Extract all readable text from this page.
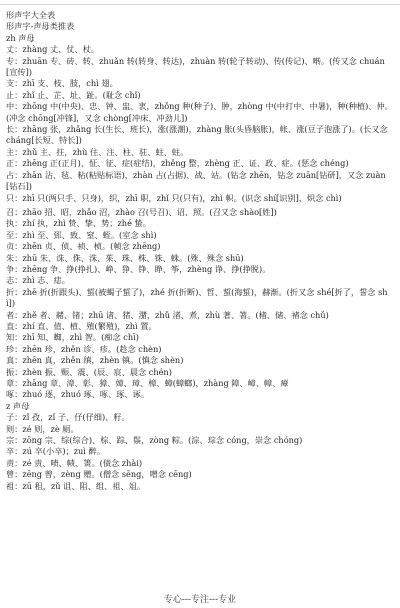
形声字大全表
形声字-声母类推表
zh 声母
丈：zhàng 丈、仗、杖。
专：zhuān 专、砖、转、zhuǎn 转(转身、转达)，zhuàn 转(轮子转动)、传(传记)、啭。(传又念 chuán[宣传])
支：zhī 支、枝、肢，chì 翅。
止：zhǐ 止、芷、址、趾。(耻念 chǐ)
中：zhōng 中(中央)、忠、钟、盅、衷，zhǒng 种(种子)、肿，zhòng 中(中打中、中暑)，种(种植)、仲。(冲念 chōng[冲锋]，又念 chòng[冲床、冲劲儿])
长：zhāng 张，zhǎng 长(生长、班长)，涨(涨潮)，zhàng 胀(头昏脑胀)，帐、涨(豆子泡涨了)。(长又念 cháng[长短、特长])
主：zhǔ 主、拄，zhù 住、注、柱、驻、蛀、蛀。
正：zhēng 正(正月)、怔、征、症(症结)，zhěng 整，zhèng 正、证、政、症。(惩念 chéng)
占：zhān 沾、毡、粘(粘贴标语)，zhàn 占(占据)、战、站。(钻念 zhēn，钻念 zuān[钻研]，又念 zuàn[钻石])
只：zhī 只(两只手、只身)，织，zhī 职，zhǐ 只(只有)，zhì 帜。(识念 shí[识别]，炽念 chì)
召：zhāo 招、昭，zhǎo 沼，zhào 召(号召)、诏、照。(召又念 shào[姓])
执：zhí 执，zhì 贽、挚、势；zhé 蛰。
至：zhì 至、郅、致、窒、蛭。(室念 shì)
贞：zhēn 贞、侦、祯、桢。(帧念 zhēng)
朱：zhū 朱、诛、侏、洙、茱、珠、株、铢、蛛。(殊、殊念 shū)
争：zhēng 争、挣(挣扎)、峥、狰、铮、睁、筝，zhèng 诤、挣(挣脱)。
志：zhì 志、痣。
折：zhē 折(折跟头)、蜇(被蝎子蜇了)，zhé 折(折断)、哲、蜇(海蜇)，赫渐。(折又念 shé[折了，誓念 shì])
者：zhě 者、赭、锗；zhū 诸、猪、潴，zhǔ 渚、煮，zhù 著、箸。(楮、储、褚念 chǔ)
直：zhí 直、值、植、殖(繁殖)，zhì 置。
知：zhī 知、蜘，zhì 智。(痴念 chī)
珍：zhēn 珍，zhěn 诊、疹。(趁念 chèn)
真：zhēn 真，zhěn 缜，zhèn 镇。(慎念 shèn)
振：zhèn 振、赈、震、(辰、宸、晨念 chén)
章：zhāng 章、漳、彰、獐、嫜、璋、樟、蟑(蟑螂)，zhàng 障、嶂、幛、瘴
啄：zhuó 逐，zhuó 琢、啄、琢、诼。
z 声母
子：zǐ 孜，zǐ 子、仔(仔细)、籽。
则：zé 则，zè 厕。
宗：zōng 宗、综(综合)、棕、踪、鬃，zòng 粽。(淙、琮念 cóng，崇念 chóng)
卒：zú 卒(小卒)；zuì 醉。
责：zé 责、啧、帻、箦。(债念 zhài)
曾：zēng 曾，zèng 赠。(僧念 sēng，噌念 cēng)
祖：zū 租，zǔ 诅、阻、组、祖、俎。
专心---专注---专业
